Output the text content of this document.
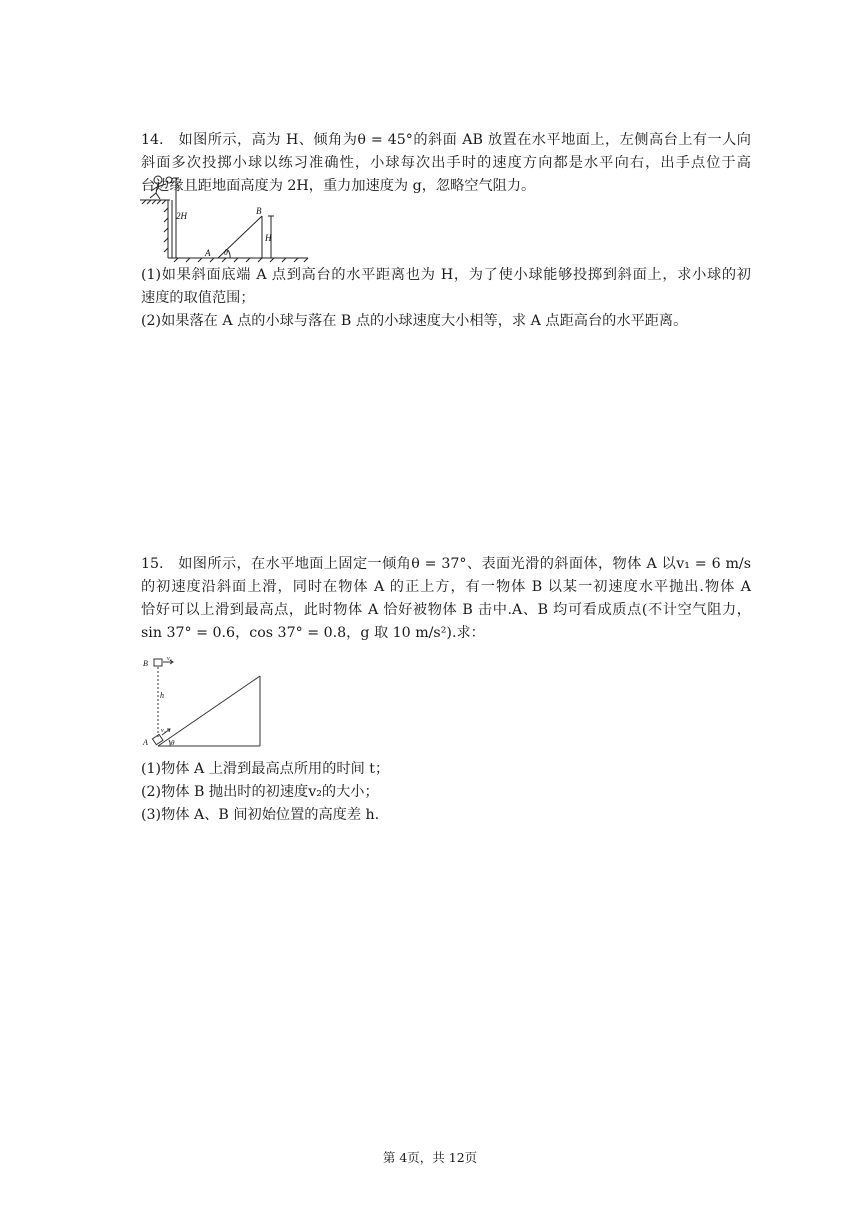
14.   如图所示，高为 H、倾角为θ = 45°的斜面 AB 放置在水平地面上，左侧高台上有一人向
斜面多次投掷小球以练习准确性，小球每次出手时的速度方向都是水平向右，出手点位于高
台边缘且距地面高度为 2H，重力加速度为 g，忽略空气阻力。
2H	B
H
A θ
(1)如果斜面底端 A 点到高台的水平距离也为 H，为了使小球能够投掷到斜面上，求小球的初
速度的取值范围；
(2)如果落在 A 点的小球与落在 B 点的小球速度大小相等，求 A 点距高台的水平距离。
15.   如图所示，在水平地面上固定一倾角θ = 37°、表面光滑的斜面体，物体 A 以v₁ = 6 m/s
的初速度沿斜面上滑，同时在物体 A 的正上方，有一物体 B 以某一初速度水平抛出.物体 A
恰好可以上滑到最高点，此时物体 A 恰好被物体 B 击中.A、B 均可看成质点(不计空气阻力，
sin 37° = 0.6，cos 37° = 0.8，g 取 10 m/s²).求：
B	v₂
h
v₁
A	θ
(1)物体 A 上滑到最高点所用的时间 t；
(2)物体 B 抛出时的初速度v₂的大小；
(3)物体 A、B 间初始位置的高度差 h.
第 4页，共 12页
